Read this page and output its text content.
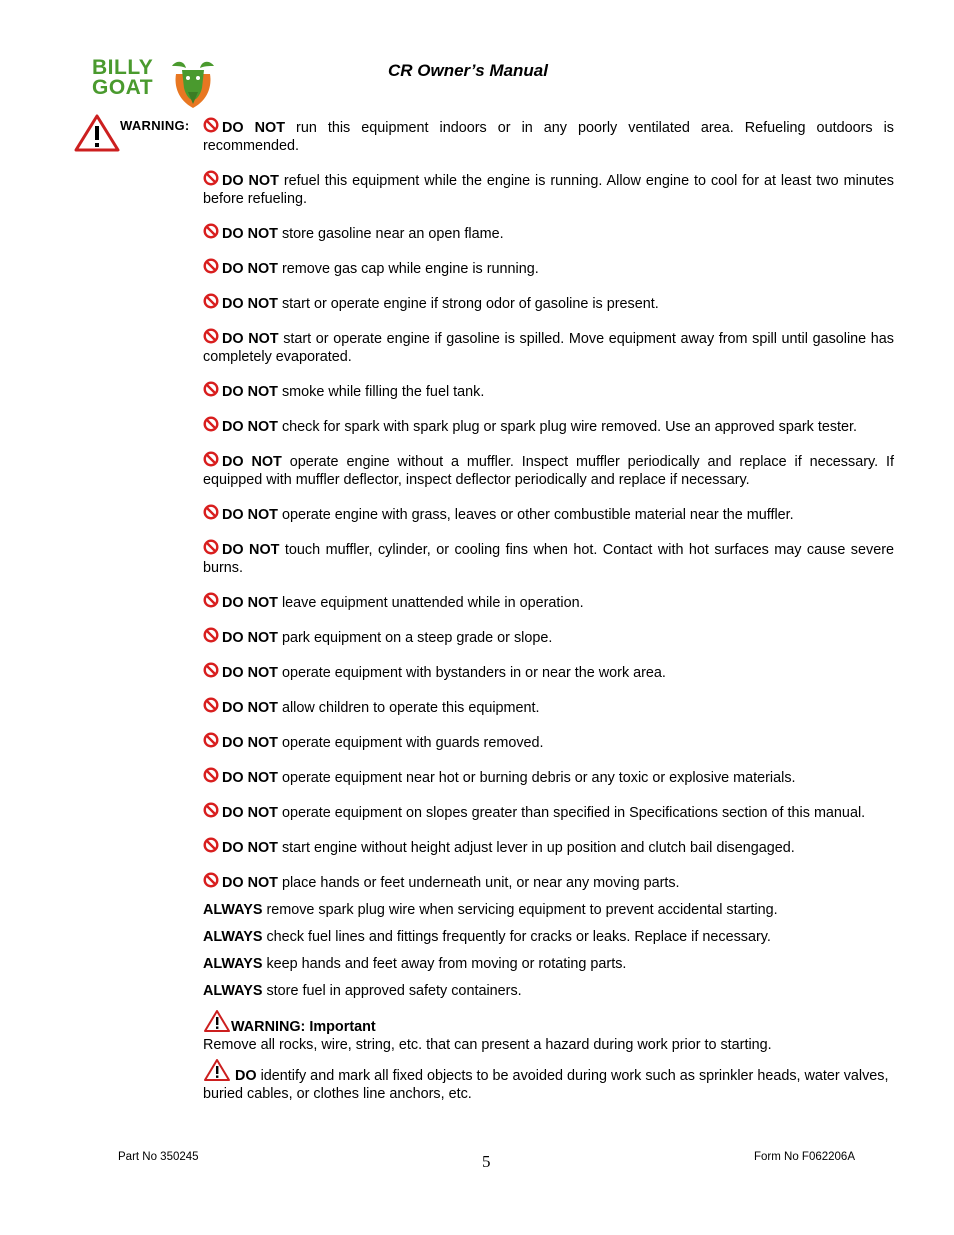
BILLY
GOAT
CR Owner’s Manual
WARNING:	DO NOT run this equipment indoors or in any poorly ventilated area. Refueling outdoors is recommended.
DO NOT refuel this equipment while the engine is running. Allow engine to cool for at least two minutes before refueling.
DO NOT store gasoline near an open flame.
DO NOT remove gas cap while engine is running.
DO NOT start or operate engine if strong odor of gasoline is present.
DO NOT start or operate engine if gasoline is spilled. Move equipment away from spill until gasoline has completely evaporated.
DO NOT smoke while filling the fuel tank.
DO NOT check for spark with spark plug or spark plug wire removed. Use an approved spark tester.
DO NOT operate engine without a muffler. Inspect muffler periodically and replace if necessary. If equipped with muffler deflector, inspect deflector periodically and replace if necessary.
DO NOT operate engine with grass, leaves or other combustible material near the muffler.
DO NOT touch muffler, cylinder, or cooling fins when hot. Contact with hot surfaces may cause severe burns.
DO NOT leave equipment unattended while in operation.
DO NOT park equipment on a steep grade or slope.
DO NOT operate equipment with bystanders in or near the work area.
DO NOT allow children to operate this equipment.
DO NOT operate equipment with guards removed.
DO NOT operate equipment near hot or burning debris or any toxic or explosive materials.
DO NOT operate equipment on slopes greater than specified in Specifications section of this manual.
DO NOT start engine without height adjust lever in up position and clutch bail disengaged.
DO NOT place hands or feet underneath unit, or near any moving parts.
ALWAYS remove spark plug wire when servicing equipment to prevent accidental starting.
ALWAYS check fuel lines and fittings frequently for cracks or leaks. Replace if necessary.
ALWAYS keep hands and feet away from moving or rotating parts.
ALWAYS store fuel in approved safety containers.
WARNING: Important
Remove all rocks, wire, string, etc. that can present a hazard during work prior to starting.
DO identify and mark all fixed objects to be avoided during work such as sprinkler heads, water valves, buried cables, or clothes line anchors, etc.
Part No 350245	5	Form No F062206A
